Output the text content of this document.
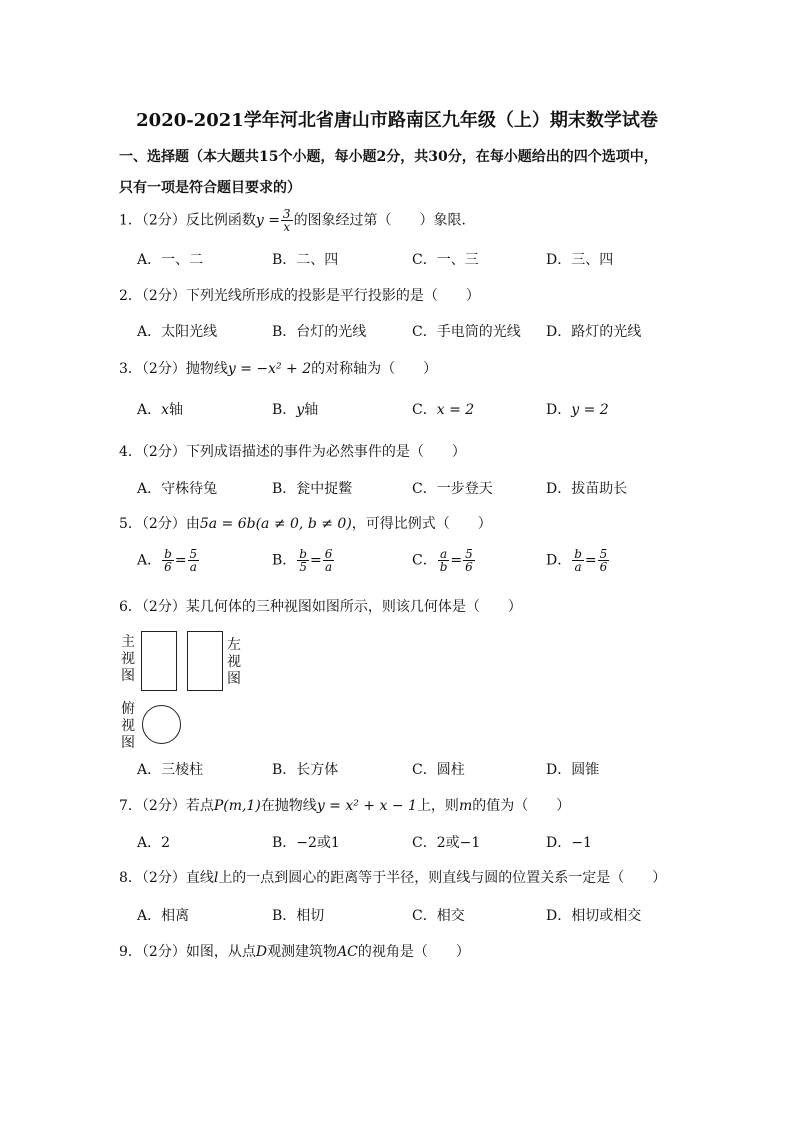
2020-2021学年河北省唐山市路南区九年级（上）期末数学试卷
一、选择题（本大题共15个小题，每小题2分，共30分，在每小题给出的四个选项中，
只有一项是符合题目要求的）
1．（2分）反比例函数$y = \frac{3}{x}$ 的图象经过第（　　）象限．
A．一、二	B．二、四	C．一、三	D．三、四
2．（2分）下列光线所形成的投影是平行投影的是（　　）
A．太阳光线	B．台灯的光线	C．手电筒的光线 D．路灯的光线
3．（2分）抛物线y = −x² + 2的对称轴为（　　）
A．x轴	B．y轴	C．x = 2	D．y = 2
4．（2分）下列成语描述的事件为必然事件的是（　　）
A．守株待兔	B．瓮中捉鳖	C．一步登天	D．拔苗助长
5．（2分）由5a = 6b(a ≠ 0, b ≠ 0)，可得比例式（　　）
A． $\frac{b}{6} = \frac{5}{a}$	B． $\frac{b}{5} = \frac{6}{a}$	C． $\frac{a}{b} = \frac{5}{6}$	D． $\frac{b}{a} = \frac{5}{6}$
6．（2分）某几何体的三种视图如图所示，则该几何体是（　　）
主视图
左视图
俯视图
A．三棱柱	B．长方体	C．圆柱	D．圆锥
7．（2分）若点P(m,1)在抛物线y = x² + x − 1上，则m的值为（　　）
A．2	B．−2或1	C．2或−1	D．−1
8．（2分）直线l上的一点到圆心的距离等于半径，则直线与圆的位置关系一定是（　　）
A．相离	B．相切	C．相交	D．相切或相交
9．（2分）如图，从点D观测建筑物AC的视角是（　　）
